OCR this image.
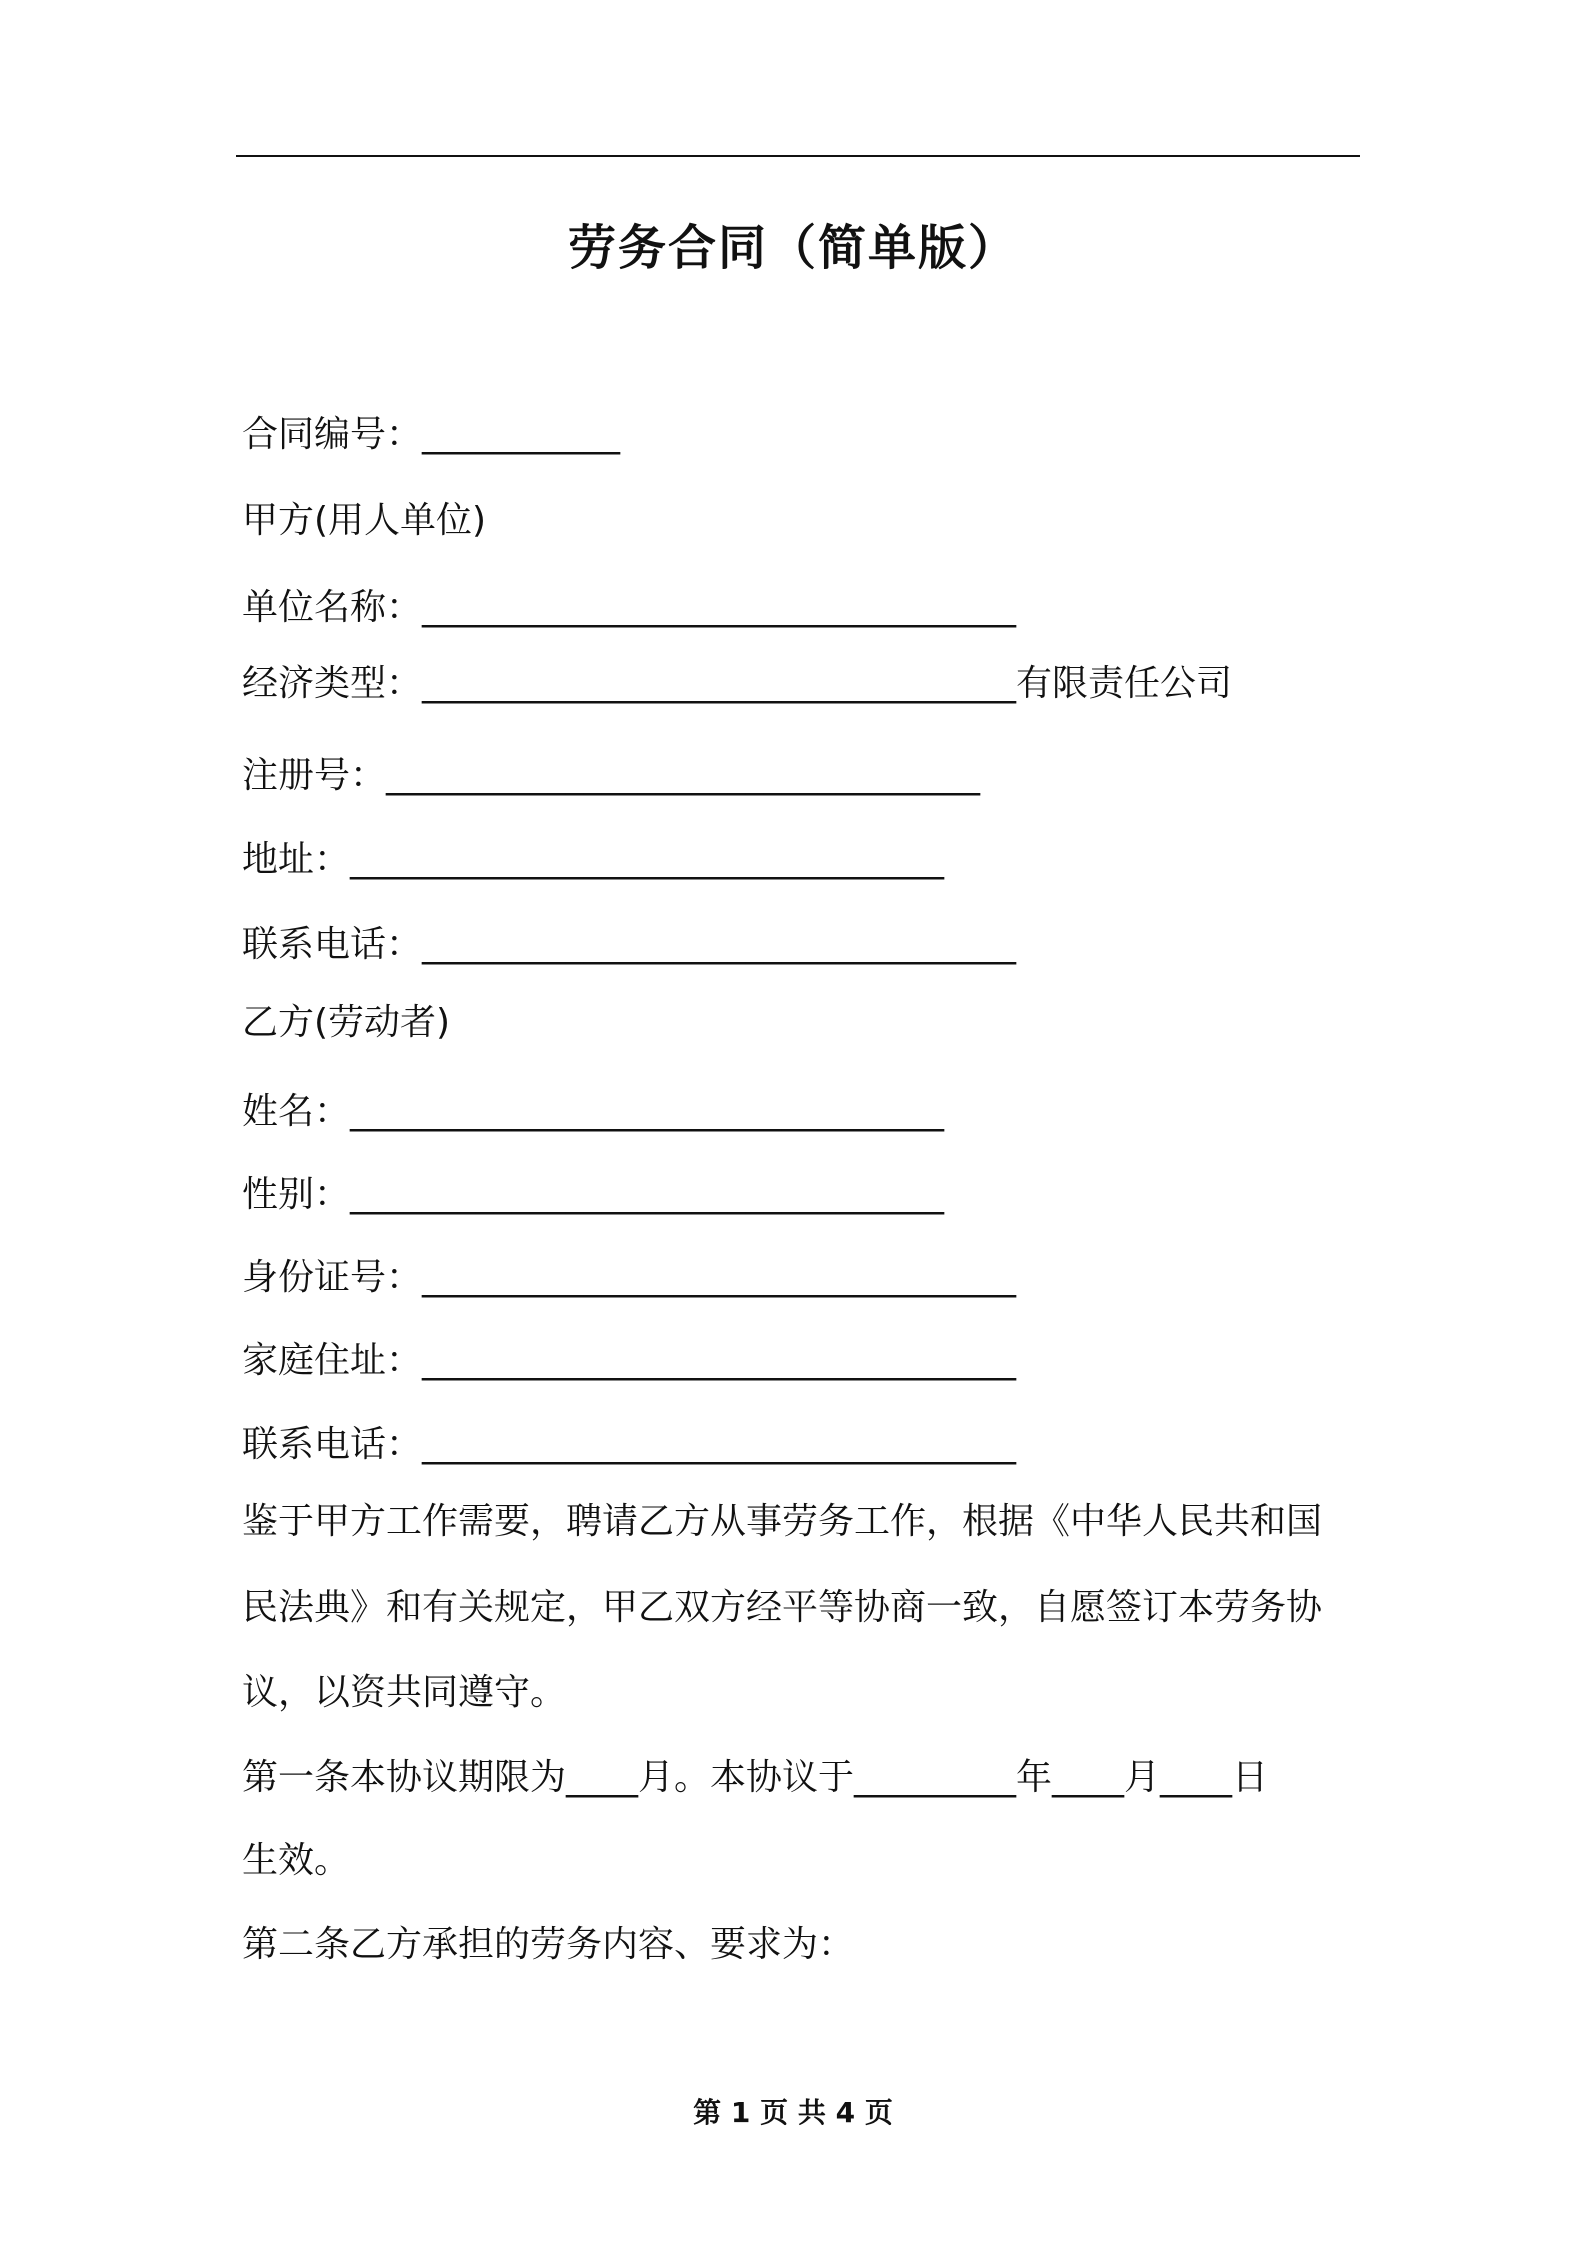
劳务合同（简单版）
合同编号：___________
甲方(用人单位)
单位名称：_________________________________
经济类型：_________________________________有限责任公司
注册号：_________________________________
地址：_________________________________
联系电话：_________________________________
乙方(劳动者)
姓名：_________________________________
性别：_________________________________
身份证号：_________________________________
家庭住址：_________________________________
联系电话：_________________________________
鉴于甲方工作需要，聘请乙方从事劳务工作，根据《中华人民共和国
民法典》和有关规定，甲乙双方经平等协商一致，自愿签订本劳务协
议，以资共同遵守。
第一条本协议期限为____月。本协议于_________年____月____日
生效。
第二条乙方承担的劳务内容、要求为：
第 1 页 共 4 页
